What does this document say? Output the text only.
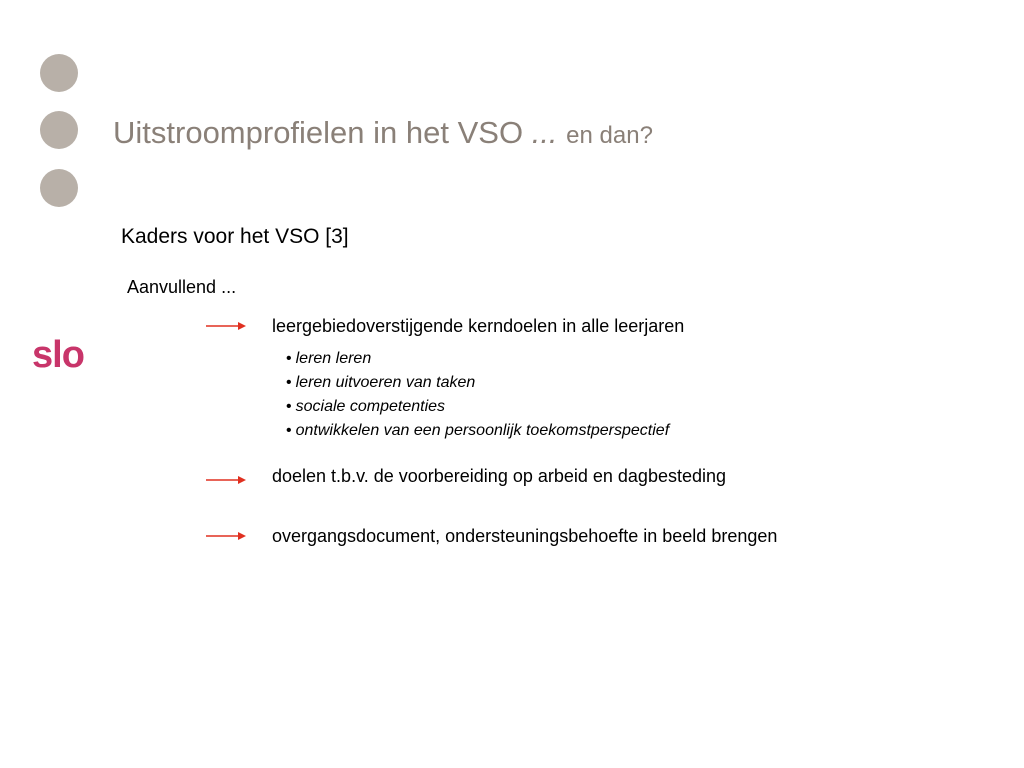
Uitstroomprofielen in het VSO ... en dan?
slo
Kaders voor het VSO [3]
Aanvullend ...
leergebiedoverstijgende kerndoelen in alle leerjaren
• leren leren
• leren uitvoeren van taken
• sociale competenties
• ontwikkelen van een persoonlijk toekomstperspectief
doelen t.b.v. de voorbereiding op arbeid en dagbesteding
overgangsdocument, ondersteuningsbehoefte in beeld brengen
